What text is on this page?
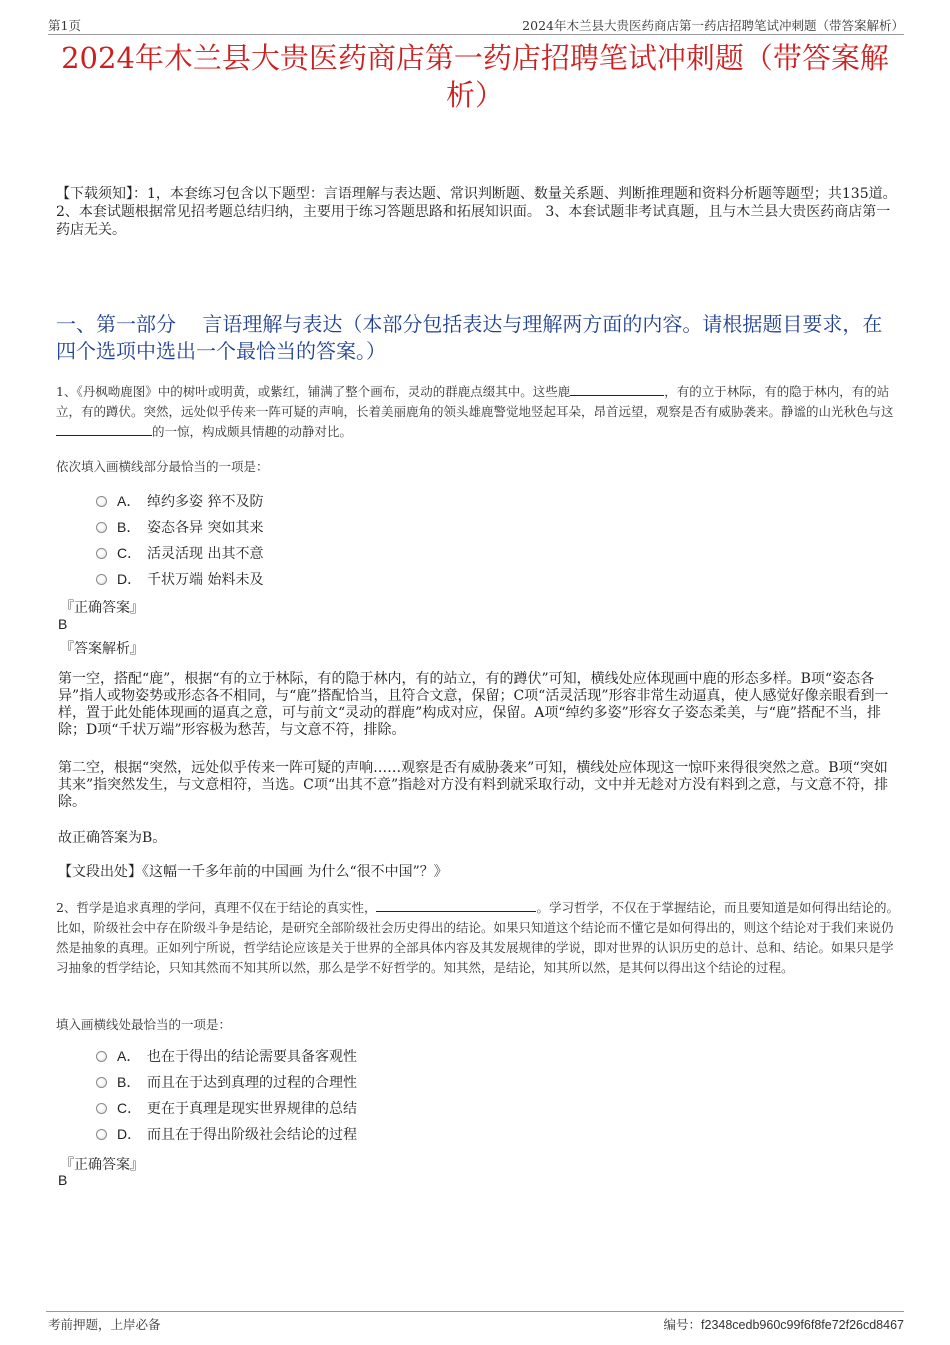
第1页	2024年木兰县大贵医药商店第一药店招聘笔试冲刺题（带答案解析）
2024年木兰县大贵医药商店第一药店招聘笔试冲刺题（带答案解析）
【下载须知】：1，本套练习包含以下题型：言语理解与表达题、常识判断题、数量关系题、判断推理题和资料分析题等题型；共135道。 2、本套试题根据常见招考题总结归纳，主要用于练习答题思路和拓展知识面。 3、本套试题非考试真题，且与木兰县大贵医药商店第一药店无关。
一、第一部分　 言语理解与表达（本部分包括表达与理解两方面的内容。请根据题目要求，在四个选项中选出一个最恰当的答案。）
1、《丹枫呦鹿图》中的树叶或明黄，或紫红，铺满了整个画布，灵动的群鹿点缀其中。这些鹿	，有的立于林际，有的隐于林内，有的站立，有的蹲伏。突然，远处似乎传来一阵可疑的声响，长着美丽鹿角的领头雄鹿警觉地竖起耳朵，昂首远望，观察是否有威胁袭来。静谧的山光秋色与这的一惊，构成颇具情趣的动静对比。
依次填入画横线部分最恰当的一项是：
A． 绰约多姿 猝不及防
B． 姿态各异 突如其来
C． 活灵活现 出其不意
D． 千状万端 始料未及
『正确答案』
B
『答案解析』
第一空，搭配“鹿”，根据“有的立于林际，有的隐于林内，有的站立，有的蹲伏”可知，横线处应体现画中鹿的形态多样。B项“姿态各异”指人或物姿势或形态各不相同，与“鹿”搭配恰当，且符合文意，保留；C项“活灵活现”形容非常生动逼真，使人感觉好像亲眼看到一样，置于此处能体现画的逼真之意，可与前文“灵动的群鹿”构成对应，保留。A项“绰约多姿”形容女子姿态柔美，与“鹿”搭配不当，排除；D项“千状万端”形容极为愁苦，与文意不符，排除。
第二空，根据“突然，远处似乎传来一阵可疑的声响……观察是否有威胁袭来”可知，横线处应体现这一惊吓来得很突然之意。B项“突如其来”指突然发生，与文意相符，当选。C项“出其不意”指趁对方没有料到就采取行动，文中并无趁对方没有料到之意，与文意不符，排除。
故正确答案为B。
【文段出处】《这幅一千多年前的中国画 为什么“很不中国”？》
2、哲学是追求真理的学问，真理不仅在于结论的真实性，	。学习哲学，不仅在于掌握结论，而且要知道是如何得出结论的。比如，阶级社会中存在阶级斗争是结论，是研究全部阶级社会历史得出的结论。如果只知道这个结论而不懂它是如何得出的，则这个结论对于我们来说仍然是抽象的真理。正如列宁所说，哲学结论应该是关于世界的全部具体内容及其发展规律的学说，即对世界的认识历史的总计、总和、结论。如果只是学习抽象的哲学结论，只知其然而不知其所以然，那么是学不好哲学的。知其然，是结论，知其所以然，是其何以得出这个结论的过程。
填入画横线处最恰当的一项是：
A． 也在于得出的结论需要具备客观性
B． 而且在于达到真理的过程的合理性
C． 更在于真理是现实世界规律的总结
D． 而且在于得出阶级社会结论的过程
『正确答案』
B
考前押题，上岸必备	编号：f2348cedb960c99f6f8fe72f26cd8467
